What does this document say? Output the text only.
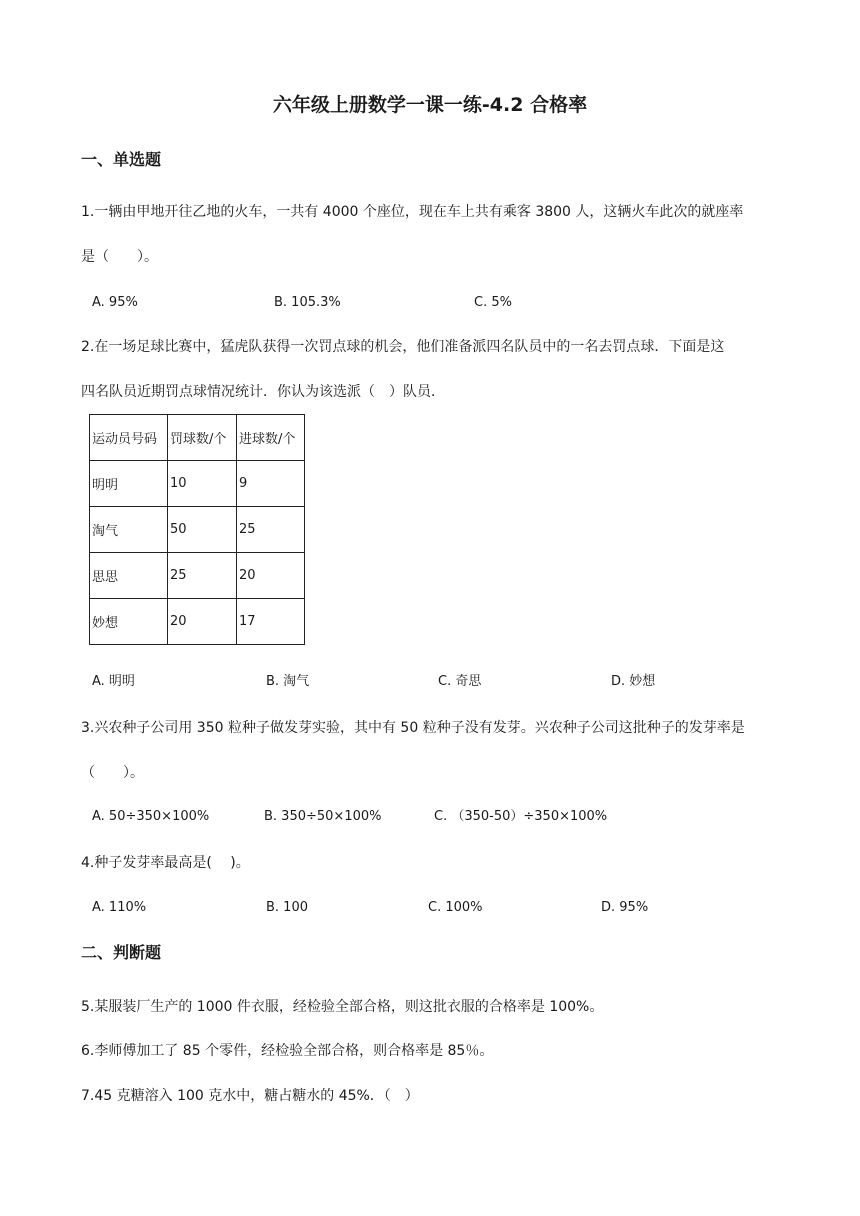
六年级上册数学一课一练-4.2 合格率
一、单选题
1.一辆由甲地开往乙地的火车，一共有 4000 个座位，现在车上共有乘客 3800 人，这辆火车此次的就座率
是（　　）。
A. 95%	B. 105.3%	C. 5%
2.在一场足球比赛中，猛虎队获得一次罚点球的机会，他们准备派四名队员中的一名去罚点球．下面是这
四名队员近期罚点球情况统计．你认为该选派（　）队员．
运动员号码	罚球数/个	进球数/个
明明	10	9
淘气	50	25
思思	25	20
妙想	20	17
A. 明明	B. 淘气	C. 奇思	D. 妙想
3.兴农种子公司用 350 粒种子做发芽实验，其中有 50 粒种子没有发芽。兴农种子公司这批种子的发芽率是
（　　）。
A. 50÷350×100%	B. 350÷50×100%	C. （350-50）÷350×100%
4.种子发芽率最高是(　 )。
A. 110%	B. 100	C. 100%	D. 95%
二、判断题
5.某服装厂生产的 1000 件衣服，经检验全部合格，则这批衣服的合格率是 100%。
6.李师傅加工了 85 个零件，经检验全部合格，则合格率是 85％。
7.45 克糖溶入 100 克水中，糖占糖水的 45%．（　）
